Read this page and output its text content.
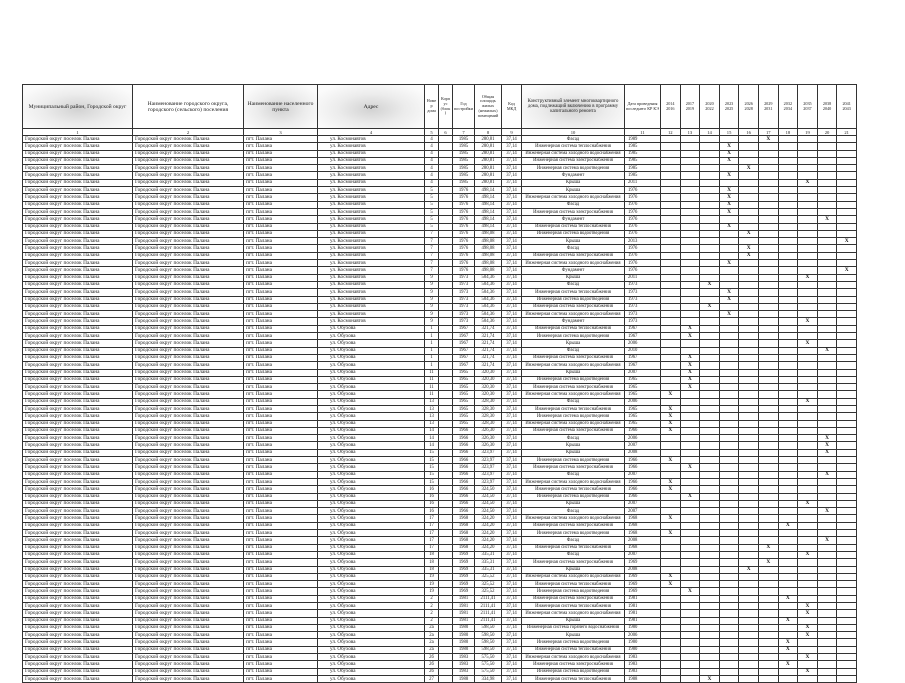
Муниципальный район, Городской округ	Наименование городского округа, городского (сельского) поселения	Наименование населенного пункта	Адрес	Номер дома	Корпус (блок)	Год постройки	Общая площадь жилых (нежилых) помещений	Код МКД	Конструктивный элемент многоквартирного дома, подлежащий включению в программу капитального ремонта	Дата проведения последнего КР КЭ	2014 2016	2017 2019	2020 2022	2023 2025	2026 2028	2029 2031	2032 2034	2035 2037	2038 2040	2041 2043
1	2	3	4	5	6	7	8	9	10	11	12	13	14	15	16	17	18	19	20	21
Городской округ поселок Палана	Городской округ поселок Палана	пгт. Палана	ул. Космонавтов	4		1985	280,81	37,14	Фасад	1989						X				
Городской округ поселок Палана	Городской округ поселок Палана	пгт. Палана	ул. Космонавтов	4		1985	280,81	37,14	Инженерная система теплоснабжения	1985				X						
Городской округ поселок Палана	Городской округ поселок Палана	пгт. Палана	ул. Космонавтов	4		1985	280,81	37,14	Инженерная система холодного водоснабжения	1985				X						
Городской округ поселок Палана	Городской округ поселок Палана	пгт. Палана	ул. Космонавтов	4		1985	280,81	37,14	Инженерная система электроснабжения	1985				X						
Городской округ поселок Палана	Городской округ поселок Палана	пгт. Палана	ул. Космонавтов	4		1985	280,81	37,14	Инженерная система водоотведения	1985					X					
Городской округ поселок Палана	Городской округ поселок Палана	пгт. Палана	ул. Космонавтов	4		1985	280,81	37,14	Фундамент	1985				X						
Городской округ поселок Палана	Городской округ поселок Палана	пгт. Палана	ул. Космонавтов	4		1985	280,81	37,14	Крыша	2011								X		
Городской округ поселок Палана	Городской округ поселок Палана	пгт. Палана	ул. Космонавтов	5		1976	498,14	37,14	Крыша	1976				X						
Городской округ поселок Палана	Городской округ поселок Палана	пгт. Палана	ул. Космонавтов	5		1976	498,14	37,14	Инженерная система холодного водоснабжения	1976				X						
Городской округ поселок Палана	Городской округ поселок Палана	пгт. Палана	ул. Космонавтов	5		1976	498,14	37,14	Фасад	1976				X						
Городской округ поселок Палана	Городской округ поселок Палана	пгт. Палана	ул. Космонавтов	5		1976	498,14	37,14	Инженерная система электроснабжения	1976				X						
Городской округ поселок Палана	Городской округ поселок Палана	пгт. Палана	ул. Космонавтов	5		1976	498,14	37,14	Фундамент	1976									X	
Городской округ поселок Палана	Городской округ поселок Палана	пгт. Палана	ул. Космонавтов	5		1976	498,14	37,14	Инженерная система теплоснабжения	1976				X						
Городской округ поселок Палана	Городской округ поселок Палана	пгт. Палана	ул. Космонавтов	7		1976	498,08	37,14	Инженерная система водоотведения	1976					X					
Городской округ поселок Палана	Городской округ поселок Палана	пгт. Палана	ул. Космонавтов	7		1976	498,08	37,14	Крыша	2013										X
Городской округ поселок Палана	Городской округ поселок Палана	пгт. Палана	ул. Космонавтов	7		1976	498,08	37,14	Фасад	1976					X					
Городской округ поселок Палана	Городской округ поселок Палана	пгт. Палана	ул. Космонавтов	7		1976	498,08	37,14	Инженерная система электроснабжения	1976					X					
Городской округ поселок Палана	Городской округ поселок Палана	пгт. Палана	ул. Космонавтов	7		1976	498,08	37,14	Инженерная система холодного водоснабжения	1976				X						
Городской округ поселок Палана	Городской округ поселок Палана	пгт. Палана	ул. Космонавтов	7		1976	498,08	37,14	Фундамент	1976										X
Городской округ поселок Палана	Городской округ поселок Палана	пгт. Палана	ул. Космонавтов	9		1973	504,36	37,14	Крыша	2011								X		
Городской округ поселок Палана	Городской округ поселок Палана	пгт. Палана	ул. Космонавтов	9		1973	504,36	37,14	Фасад	1973			X							
Городской округ поселок Палана	Городской округ поселок Палана	пгт. Палана	ул. Космонавтов	9		1973	504,36	37,14	Инженерная система теплоснабжения	1973				X						
Городской округ поселок Палана	Городской округ поселок Палана	пгт. Палана	ул. Космонавтов	9		1973	504,36	37,14	Инженерная система водоотведения	1973				X						
Городской округ поселок Палана	Городской округ поселок Палана	пгт. Палана	ул. Космонавтов	9		1973	504,36	37,14	Инженерная система электроснабжения	1973			X							
Городской округ поселок Палана	Городской округ поселок Палана	пгт. Палана	ул. Космонавтов	9		1973	504,36	37,14	Инженерная система холодного водоснабжения	1973				X						
Городской округ поселок Палана	Городской округ поселок Палана	пгт. Палана	ул. Космонавтов	9		1973	504,36	37,14	Фундамент	1973								X		
Городской округ поселок Палана	Городской округ поселок Палана	пгт. Палана	ул. Обухова	1		1967	321,74	37,14	Инженерная система теплоснабжения	1967		X								
Городской округ поселок Палана	Городской округ поселок Палана	пгт. Палана	ул. Обухова	1		1967	321,74	37,14	Инженерная система водоотведения	1967		X								
Городской округ поселок Палана	Городской округ поселок Палана	пгт. Палана	ул. Обухова	1		1967	321,74	37,14	Крыша	2006								X		
Городской округ поселок Палана	Городской округ поселок Палана	пгт. Палана	ул. Обухова	1		1967	321,74	37,14	Фасад	2010									X	
Городской округ поселок Палана	Городской округ поселок Палана	пгт. Палана	ул. Обухова	1		1967	321,74	37,14	Инженерная система электроснабжения	1967		X								
Городской округ поселок Палана	Городской округ поселок Палана	пгт. Палана	ул. Обухова	1		1967	321,74	37,14	Инженерная система холодного водоснабжения	1967		X								
Городской округ поселок Палана	Городской округ поселок Палана	пгт. Палана	ул. Обухова	11		1965	320,30	37,14	Крыша	2007		X								
Городской округ поселок Палана	Городской округ поселок Палана	пгт. Палана	ул. Обухова	11		1965	320,30	37,14	Инженерная система водоотведения	1965		X								
Городской округ поселок Палана	Городской округ поселок Палана	пгт. Палана	ул. Обухова	11		1965	320,30	37,14	Инженерная система электроснабжения	1965		X								
Городской округ поселок Палана	Городской округ поселок Палана	пгт. Палана	ул. Обухова	11		1965	320,30	37,14	Инженерная система холодного водоснабжения	1965	X									
Городской округ поселок Палана	Городской округ поселок Палана	пгт. Палана	ул. Обухова	13		1965	328,30	37,14	Фасад	2006								X		
Городской округ поселок Палана	Городской округ поселок Палана	пгт. Палана	ул. Обухова	13		1965	328,30	37,14	Инженерная система теплоснабжения	1965	X									
Городской округ поселок Палана	Городской округ поселок Палана	пгт. Палана	ул. Обухова	13		1965	328,30	37,14	Инженерная система водоотведения	1965	X									
Городской округ поселок Палана	Городской округ поселок Палана	пгт. Палана	ул. Обухова	13		1965	328,30	37,14	Инженерная система холодного водоснабжения	1965	X									
Городской округ поселок Палана	Городской округ поселок Палана	пгт. Палана	ул. Обухова	14		1966	326,30	37,14	Инженерная система электроснабжения	1966	X									
Городской округ поселок Палана	Городской округ поселок Палана	пгт. Палана	ул. Обухова	14		1966	326,30	37,14	Фасад	2006									X	
Городской округ поселок Палана	Городской округ поселок Палана	пгт. Палана	ул. Обухова	14		1966	326,30	37,14	Крыша	2007									X	
Городской округ поселок Палана	Городской округ поселок Палана	пгт. Палана	ул. Обухова	15		1966	323,97	37,14	Крыша	2008									X	
Городской округ поселок Палана	Городской округ поселок Палана	пгт. Палана	ул. Обухова	15		1966	323,97	37,14	Инженерная система водоотведения	1966	X									
Городской округ поселок Палана	Городской округ поселок Палана	пгт. Палана	ул. Обухова	15		1966	323,97	37,14	Инженерная система электроснабжения	1966		X								
Городской округ поселок Палана	Городской округ поселок Палана	пгт. Палана	ул. Обухова	15		1966	323,97	37,14	Фасад	2007									X	
Городской округ поселок Палана	Городской округ поселок Палана	пгт. Палана	ул. Обухова	15		1966	323,97	37,14	Инженерная система холодного водоснабжения	1966	X									
Городской округ поселок Палана	Городской округ поселок Палана	пгт. Палана	ул. Обухова	16		1966	324,50	37,14	Инженерная система теплоснабжения	1966	X									
Городской округ поселок Палана	Городской округ поселок Палана	пгт. Палана	ул. Обухова	16		1966	324,50	37,14	Инженерная система водоотведения	1966		X								
Городской округ поселок Палана	Городской округ поселок Палана	пгт. Палана	ул. Обухова	16		1966	324,50	37,14	Крыша	2007								X		
Городской округ поселок Палана	Городской округ поселок Палана	пгт. Палана	ул. Обухова	16		1966	324,50	37,14	Фасад	2007									X	
Городской округ поселок Палана	Городской округ поселок Палана	пгт. Палана	ул. Обухова	17		1968	324,20	37,14	Инженерная система холодного водоснабжения	1968	X									
Городской округ поселок Палана	Городской округ поселок Палана	пгт. Палана	ул. Обухова	17		1968	324,20	37,14	Инженерная система электроснабжения	1968							X			
Городской округ поселок Палана	Городской округ поселок Палана	пгт. Палана	ул. Обухова	17		1968	324,20	37,14	Инженерная система водоотведения	1968	X									
Городской округ поселок Палана	Городской округ поселок Палана	пгт. Палана	ул. Обухова	17		1968	324,20	37,14	Фасад	2008									X	
Городской округ поселок Палана	Городской округ поселок Палана	пгт. Палана	ул. Обухова	17		1968	324,20	37,14	Инженерная система теплоснабжения	1968						X				
Городской округ поселок Палана	Городской округ поселок Палана	пгт. Палана	ул. Обухова	18		1969	335,31	37,14	Фасад	2007								X		
Городской округ поселок Палана	Городской округ поселок Палана	пгт. Палана	ул. Обухова	18		1969	335,31	37,14	Инженерная система электроснабжения	1969						X				
Городской округ поселок Палана	Городской округ поселок Палана	пгт. Палана	ул. Обухова	18		1969	335,31	37,14	Крыша	2008					X					
Городской округ поселок Палана	Городской округ поселок Палана	пгт. Палана	ул. Обухова	19		1969	325,52	37,14	Инженерная система холодного водоснабжения	1969	X									
Городской округ поселок Палана	Городской округ поселок Палана	пгт. Палана	ул. Обухова	19		1969	325,52	37,14	Инженерная система теплоснабжения	1969	X									
Городской округ поселок Палана	Городской округ поселок Палана	пгт. Палана	ул. Обухова	19		1969	325,52	37,14	Инженерная система водоотведения	1969		X								
Городской округ поселок Палана	Городской округ поселок Палана	пгт. Палана	ул. Обухова	2		1981	2111,41	37,14	Инженерная система электроснабжения	1981							X			
Городской округ поселок Палана	Городской округ поселок Палана	пгт. Палана	ул. Обухова	2		1981	2111,41	37,14	Инженерная система теплоснабжения	1981								X		
Городской округ поселок Палана	Городской округ поселок Палана	пгт. Палана	ул. Обухова	2		1981	2111,41	37,14	Инженерная система холодного водоснабжения	1981								X		
Городской округ поселок Палана	Городской округ поселок Палана	пгт. Палана	ул. Обухова	2		1981	2111,41	37,14	Крыша	1981							X			
Городской округ поселок Палана	Городской округ поселок Палана	пгт. Палана	ул. Обухова	2а		1980	598,50	37,14	Инженерная система горячего водоснабжения	1980								X		
Городской округ поселок Палана	Городской округ поселок Палана	пгт. Палана	ул. Обухова	2а		1980	598,50	37,14	Крыша	2006								X		
Городской округ поселок Палана	Городской округ поселок Палана	пгт. Палана	ул. Обухова	2а		1980	598,50	37,14	Инженерная система водоотведения	1980							X			
Городской округ поселок Палана	Городской округ поселок Палана	пгт. Палана	ул. Обухова	2а		1980	598,50	37,14	Инженерная система теплоснабжения	1980							X			
Городской округ поселок Палана	Городской округ поселок Палана	пгт. Палана	ул. Обухова	2б		1983	575,50	37,14	Инженерная система холодного водоснабжения	1983								X		
Городской округ поселок Палана	Городской округ поселок Палана	пгт. Палана	ул. Обухова	2б		1983	575,50	37,14	Инженерная система электроснабжения	1983							X			
Городской округ поселок Палана	Городской округ поселок Палана	пгт. Палана	ул. Обухова	2б		1983	575,50	37,14	Инженерная система водоотведения	1983								X		
Городской округ поселок Палана	Городской округ поселок Палана	пгт. Палана	ул. Обухова	27		1988	334,98	37,14	Инженерная система теплоснабжения	1988			X							
